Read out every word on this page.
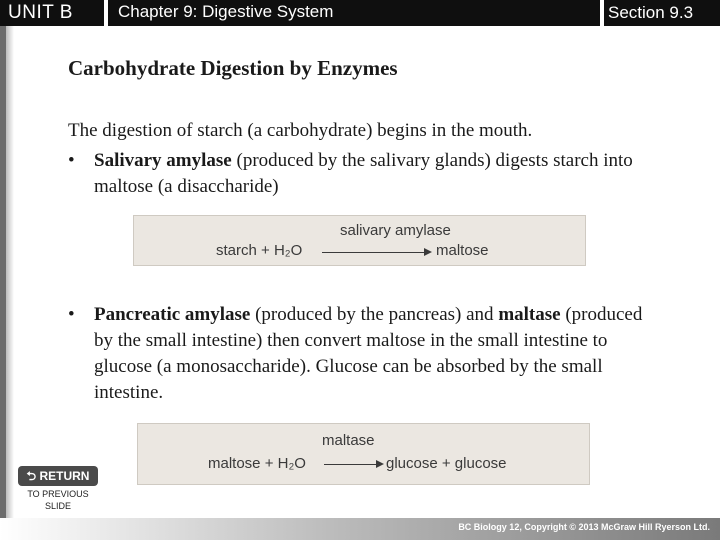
UNIT B	Chapter 9: Digestive System	Section 9.3
Carbohydrate Digestion by Enzymes
The digestion of starch (a carbohydrate) begins in the mouth.
• Salivary amylase (produced by the salivary glands) digests starch into maltose (a disaccharide)
salivary amylase
starch + H₂O	maltose
• Pancreatic amylase (produced by the pancreas) and maltase (produced by the small intestine) then convert maltose in the small intestine to glucose (a monosaccharide). Glucose can be absorbed by the small intestine.
maltase
maltose + H₂O	glucose + glucose
⮌ RETURN
TO PREVIOUS SLIDE
BC Biology 12, Copyright © 2013 McGraw Hill Ryerson Ltd.
